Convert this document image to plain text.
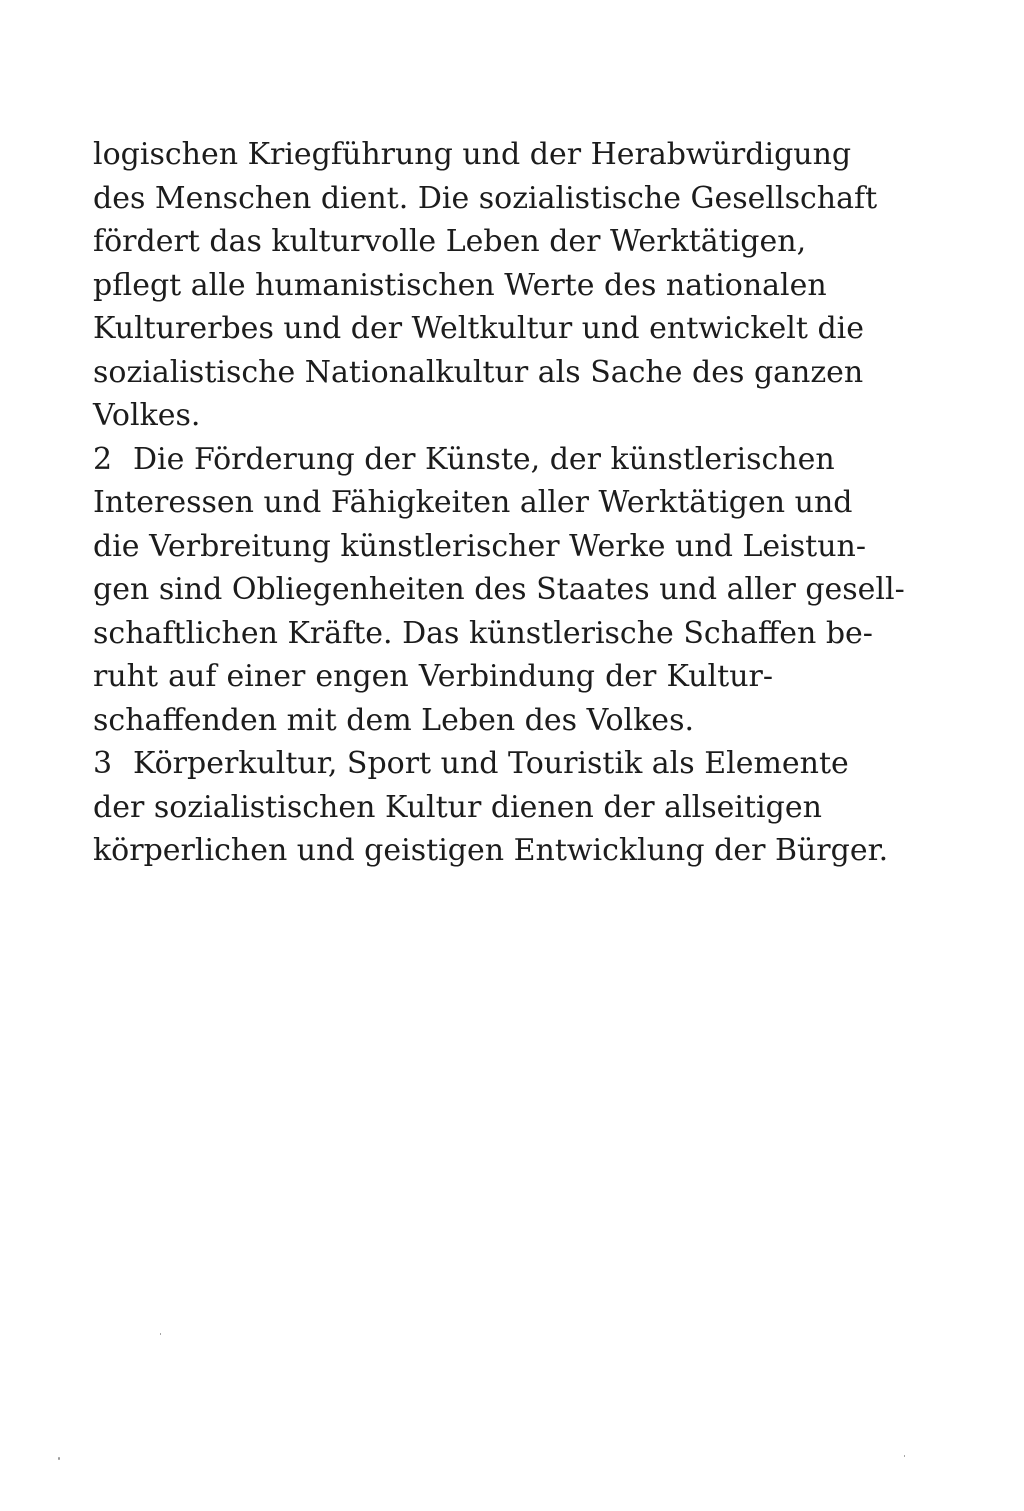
logischen Kriegführung und der Herabwürdigung
des Menschen dient. Die sozialistische Gesellschaft
fördert das kulturvolle Leben der Werktätigen,
pflegt alle humanistischen Werte des nationalen
Kulturerbes und der Weltkultur und entwickelt die
sozialistische Nationalkultur als Sache des ganzen
Volkes.
2 Die Förderung der Künste, der künstlerischen
Interessen und Fähigkeiten aller Werktätigen und
die Verbreitung künstlerischer Werke und Leistun-
gen sind Obliegenheiten des Staates und aller gesell-
schaftlichen Kräfte. Das künstlerische Schaffen be-
ruht auf einer engen Verbindung der Kultur-
schaffenden mit dem Leben des Volkes.
3 Körperkultur, Sport und Touristik als Elemente
der sozialistischen Kultur dienen der allseitigen
körperlichen und geistigen Entwicklung der Bürger.
